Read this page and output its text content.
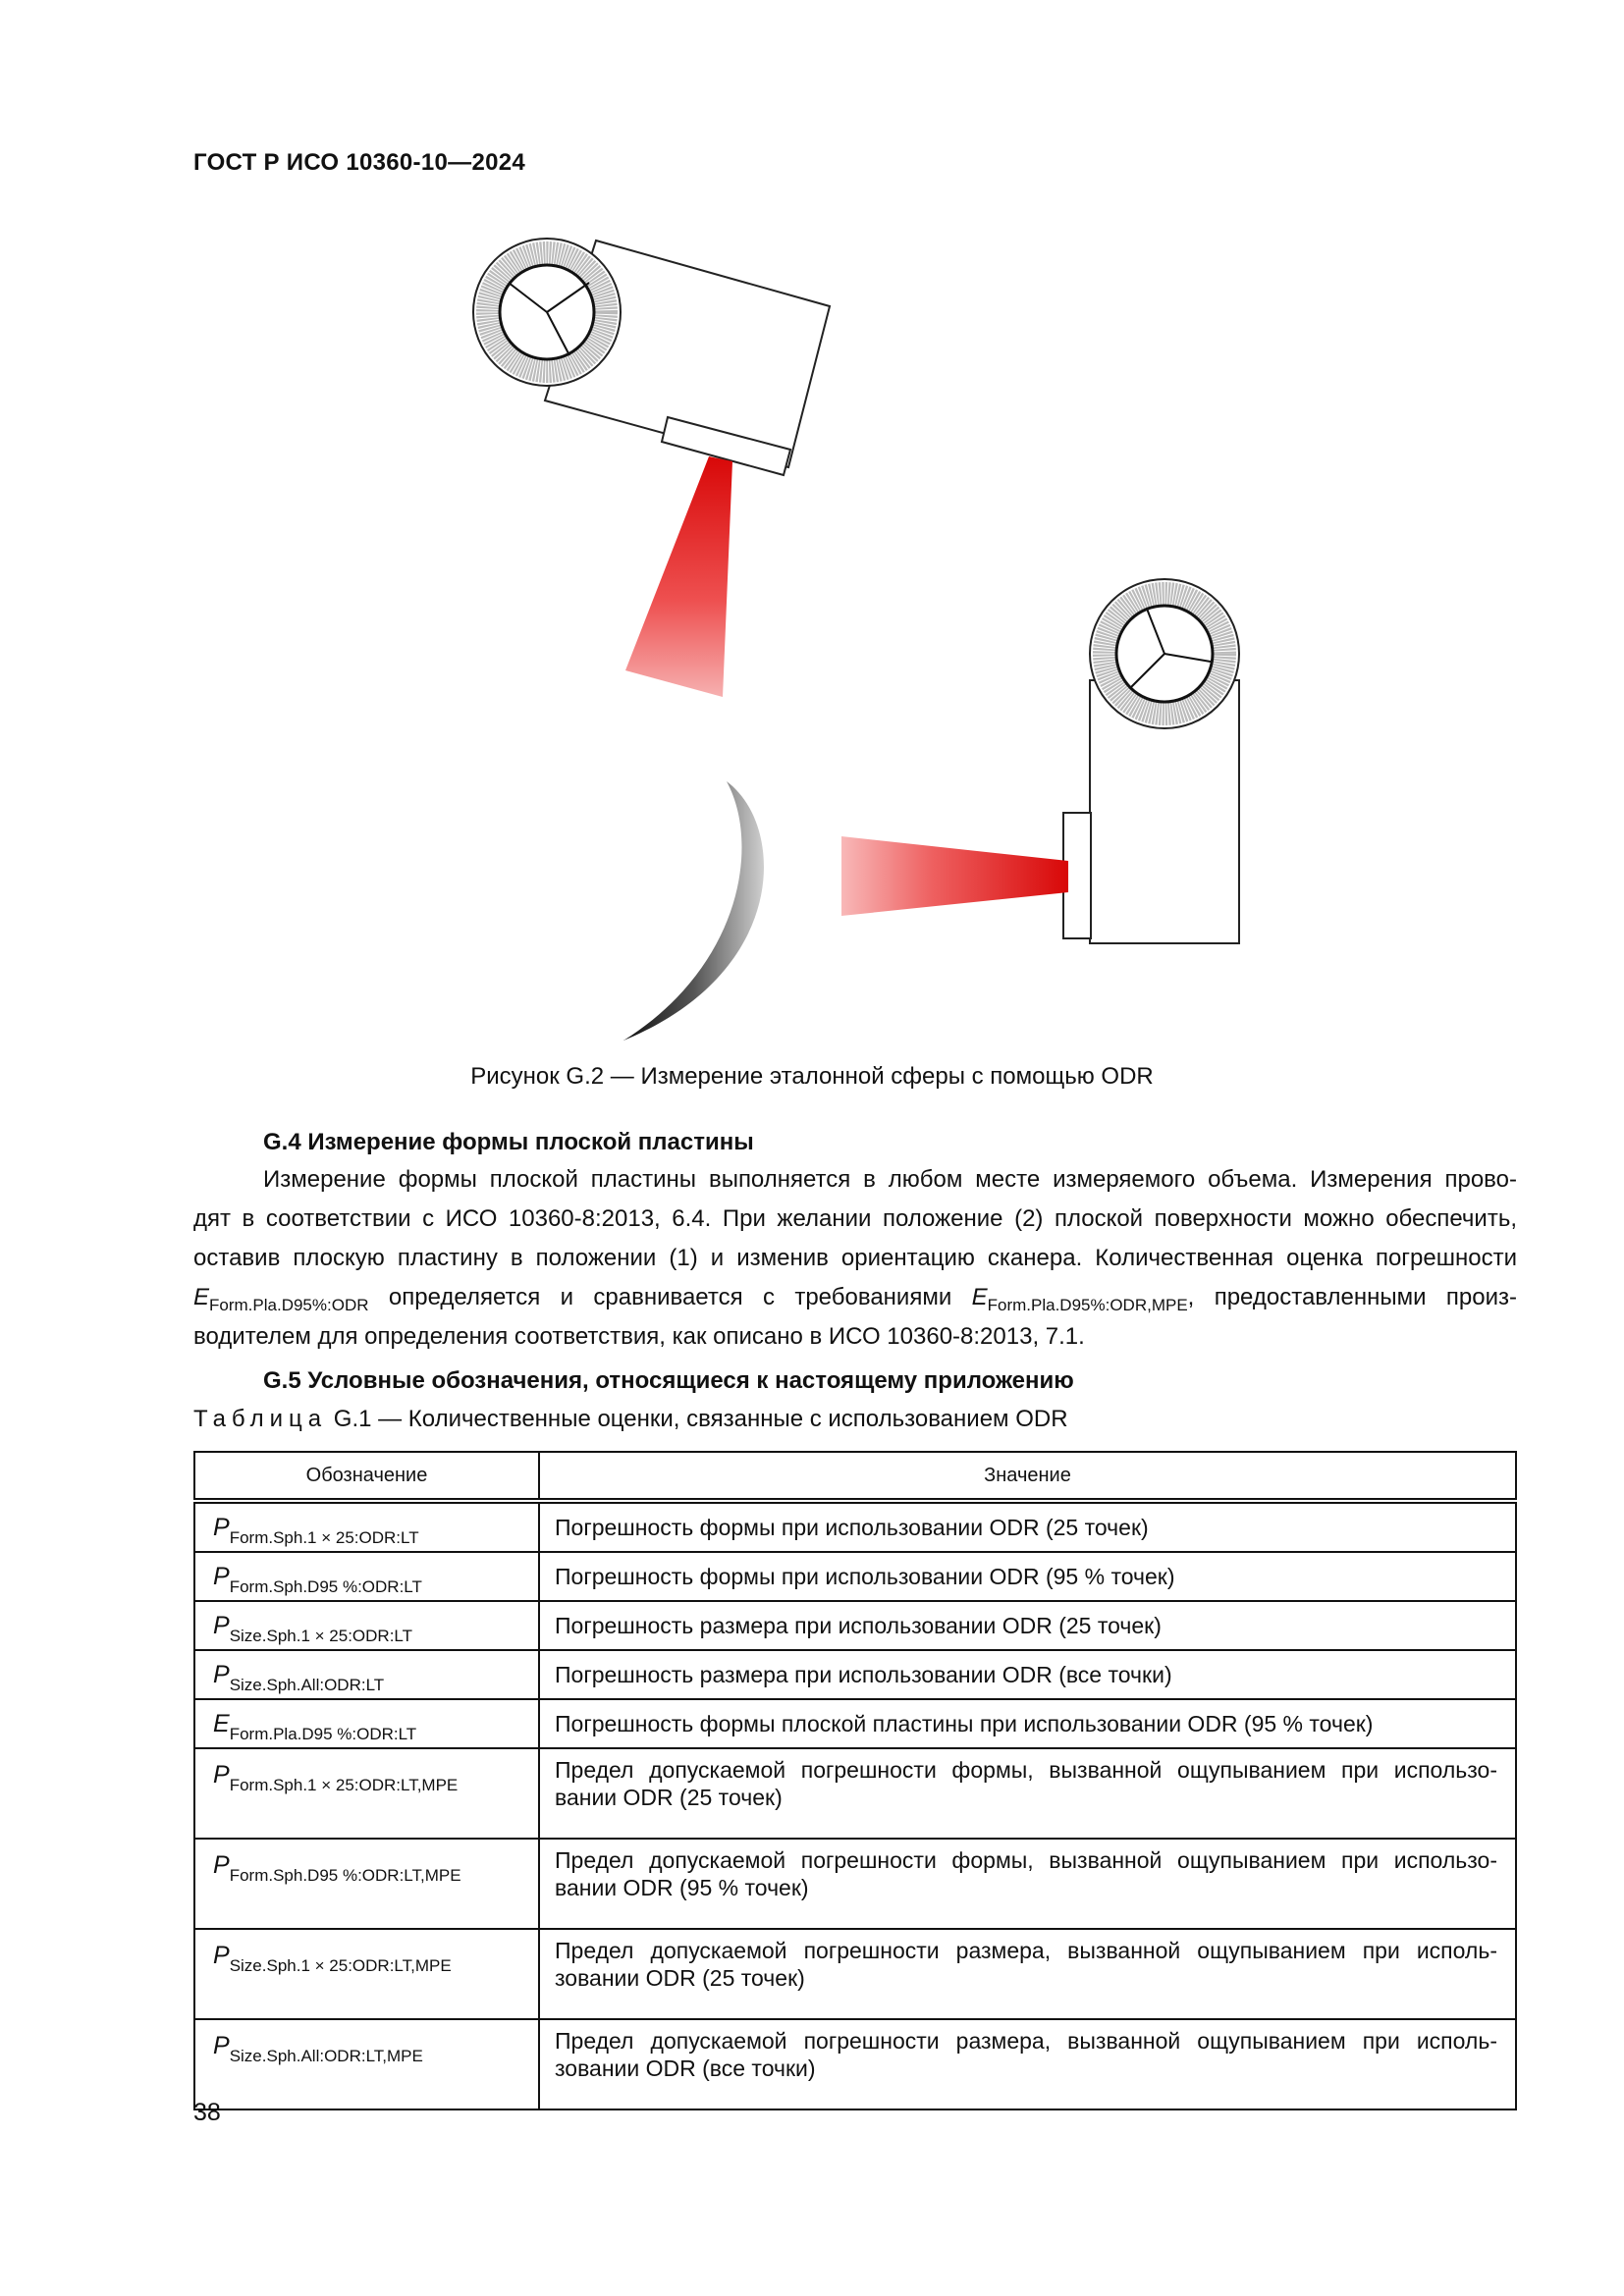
ГОСТ Р ИСО 10360-10—2024
Рисунок G.2 — Измерение эталонной сферы с помощью ODR
G.4 Измерение формы плоской пластины
Измерение формы плоской пластины выполняется в любом месте измеряемого объема. Измерения прово-
дят в соответствии с ИСО 10360-8:2013, 6.4. При желании положение (2) плоской поверхности можно обеспечить,
оставив плоскую пластину в положении (1) и изменив ориентацию сканера. Количественная оценка погрешности
$E_{Form.Pla.D95\%:ODR}$ определяется и сравнивается с требованиями $E_{Form.Pla.D95\%:ODR,MPE}$, предоставленными произ-
водителем для определения соответствия, как описано в ИСО 10360-8:2013, 7.1.
G.5 Условные обозначения, относящиеся к настоящему приложению
Таблица G.1 — Количественные оценки, связанные с использованием ODR
Обозначение	Значение
$P_{Form.Sph.1 \times 25:ODR:LT}$	Погрешность формы при использовании ODR (25 точек)
$P_{Form.Sph.D95 \%:ODR:LT}$	Погрешность формы при использовании ODR (95 % точек)
$P_{Size.Sph.1 \times 25:ODR:LT}$	Погрешность размера при использовании ODR (25 точек)
$P_{Size.Sph.All:ODR:LT}$	Погрешность размера при использовании ODR (все точки)
$E_{Form.Pla.D95 \%:ODR:LT}$	Погрешность формы плоской пластины при использовании ODR (95 % точек)
$P_{Form.Sph.1 \times 25:ODR:LT,MPE}$	Предел допускаемой погрешности формы, вызванной ощупыванием при использо-
вании ODR (25 точек)

$P_{Form.Sph.D95 \%:ODR:LT,MPE}$	Предел допускаемой погрешности формы, вызванной ощупыванием при использо-
вании ODR (95 % точек)

$P_{Size.Sph.1 \times 25:ODR:LT,MPE}$	Предел допускаемой погрешности размера, вызванной ощупыванием при исполь-
зовании ODR (25 точек)

$P_{Size.Sph.All:ODR:LT,MPE}$	Предел допускаемой погрешности размера, вызванной ощупыванием при исполь-
зовании ODR (все точки)
38
